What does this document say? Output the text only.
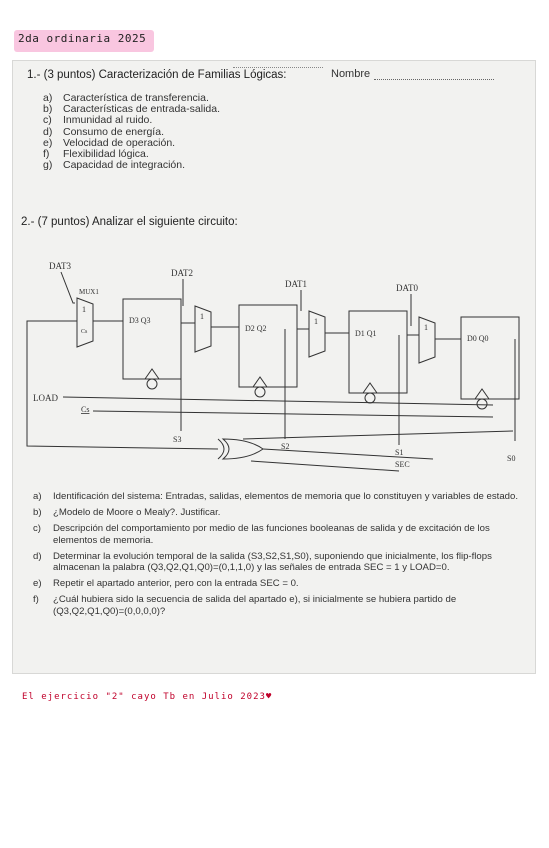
2da ordinaria 2025
Nombre
1.- (3 puntos) Caracterización de Familias Lógicas:
a) Característica de transferencia.
b) Características de entrada-salida.
c) Inmunidad al ruido.
d) Consumo de energía.
e) Velocidad de operación.
f) Flexibilidad lógica.
g) Capacidad de integración.
2.- (7 puntos) Analizar el siguiente circuito:
DAT3
DAT2
DAT1	DAT0
MUX1
1
Cs
D3 Q3	1
D2 Q2
1
D1 Q1
1
D0 Q0
LOAD
Cs
S3
S2
S1
S0
SEC
a) Identificación del sistema: Entradas, salidas, elementos de memoria que lo constituyen y variables de estado.
b) ¿Modelo de Moore o Mealy?. Justificar.
c) Descripción del comportamiento por medio de las funciones booleanas de salida y de excitación de los elementos de memoria.
d) Determinar la evolución temporal de la salida (S3,S2,S1,S0), suponiendo que inicialmente, los flip-flops almacenan la palabra (Q3,Q2,Q1,Q0)=(0,1,1,0) y las señales de entrada SEC = 1 y LOAD=0.
e) Repetir el apartado anterior, pero con la entrada SEC = 0.
f) ¿Cuál hubiera sido la secuencia de salida del apartado e), si inicialmente se hubiera partido de (Q3,Q2,Q1,Q0)=(0,0,0,0)?
El ejercicio "2" cayo Tb en Julio 2023♥
